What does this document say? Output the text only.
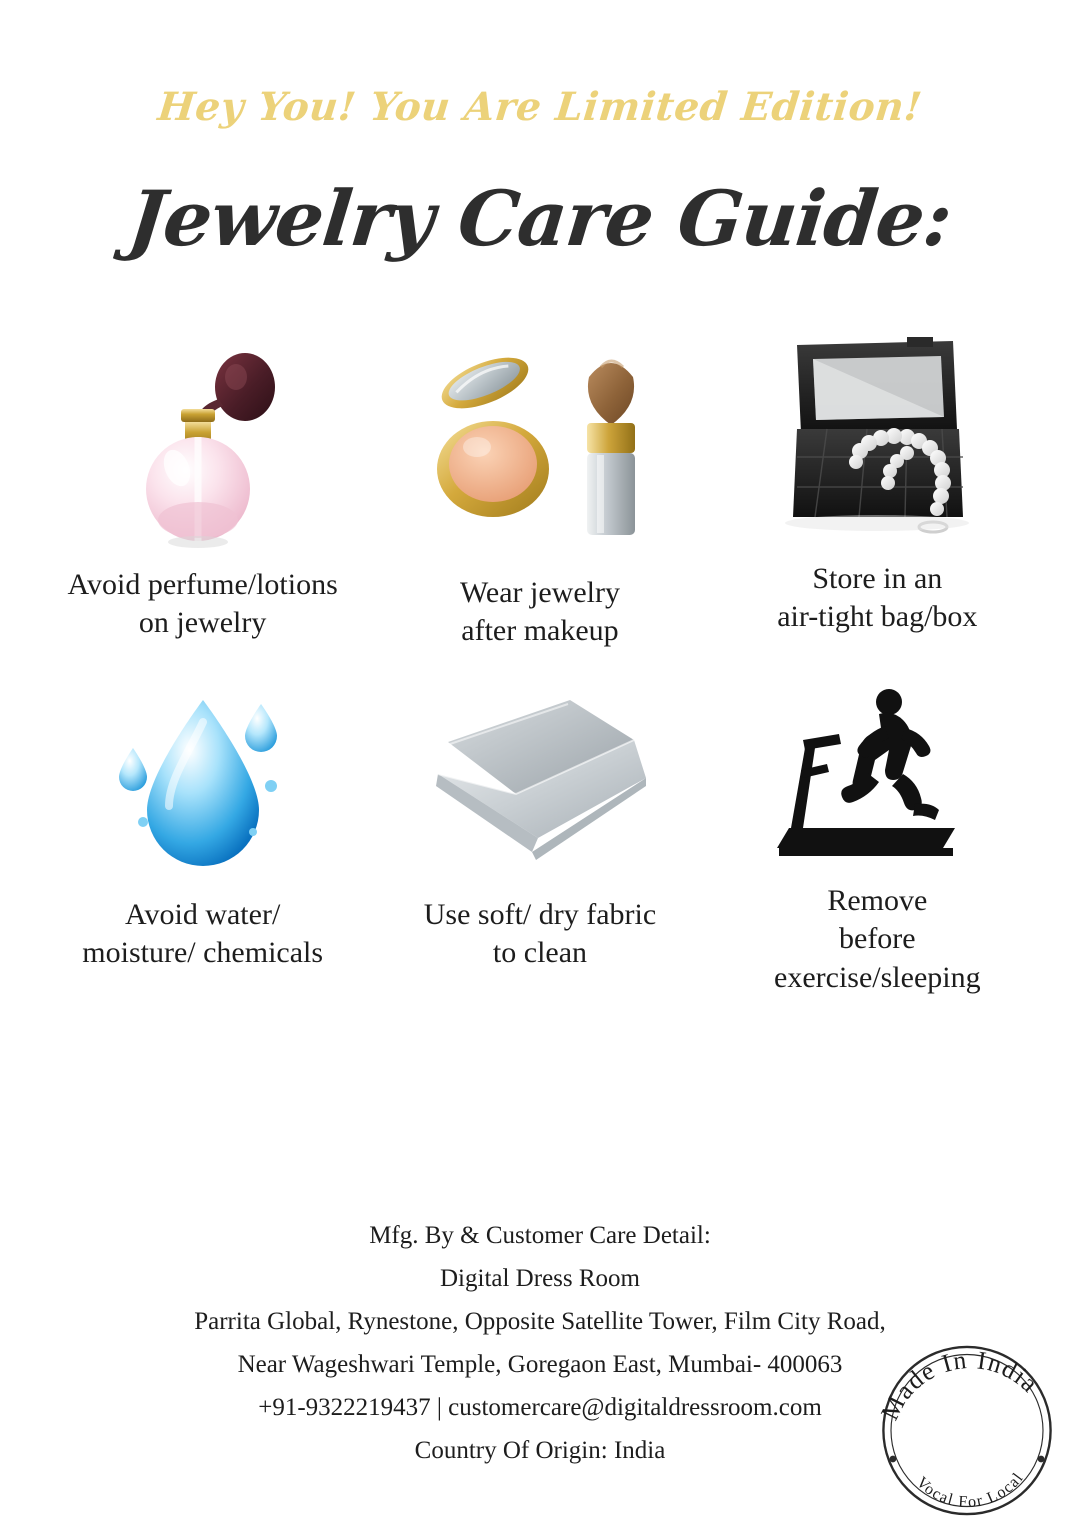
Hey You! You Are Limited Edition!
Jewelry Care Guide:
Avoid perfume/lotions
on jewelry
Wear jewelry
after makeup
Store in an
air-tight bag/box
Avoid water/
moisture/ chemicals
Use soft/ dry fabric
to clean
Remove
before
exercise/sleeping
Mfg. By & Customer Care Detail:
Digital Dress Room
Parrita Global, Rynestone, Opposite Satellite Tower, Film City Road,
Near Wageshwari Temple, Goregaon East, Mumbai- 400063
+91-9322219437 | customercare@digitaldressroom.com
Country Of Origin: India
Made In India
Vocal For Local
